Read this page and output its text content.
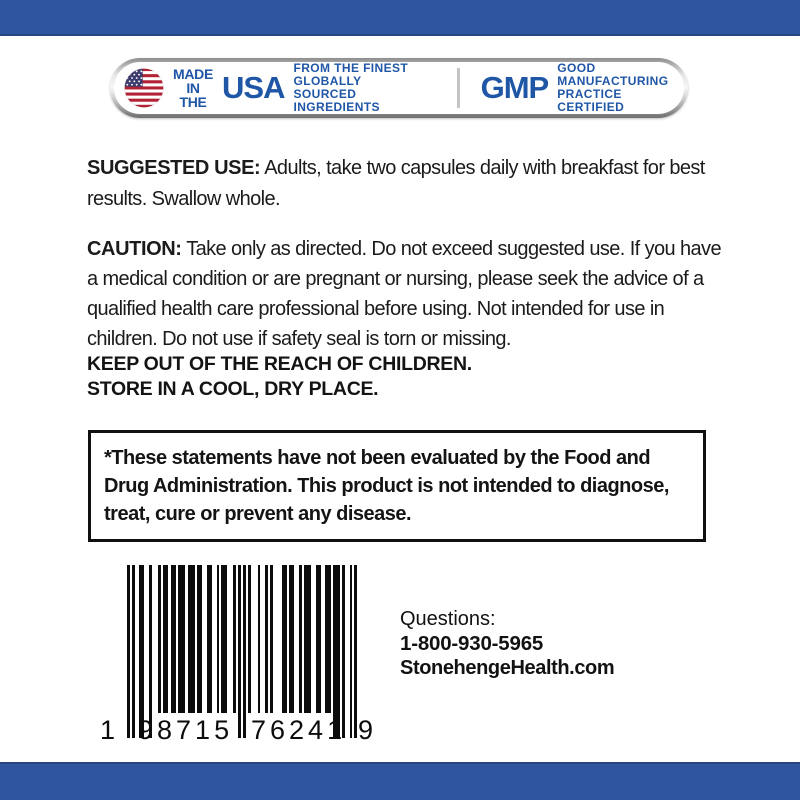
MADE
IN THE USA
FROM THE FINEST GLOBALLY
SOURCED INGREDIENTS
GMP
GOOD MANUFACTURING
PRACTICE CERTIFIED

SUGGESTED USE: Adults, take two capsules daily with breakfast for best results. Swallow whole.

CAUTION: Take only as directed. Do not exceed suggested use. If you have a medical condition or are pregnant or nursing, please seek the advice of a qualified health care professional before using. Not intended for use in children. Do not use if safety seal is torn or missing.

KEEP OUT OF THE REACH OF CHILDREN.
STORE IN A COOL, DRY PLACE.

*These statements have not been evaluated by the Food and Drug Administration. This product is not intended to diagnose, treat, cure or prevent any disease.

1 98715 76241 9
Questions:
1-800-930-5965
StonehengeHealth.com
